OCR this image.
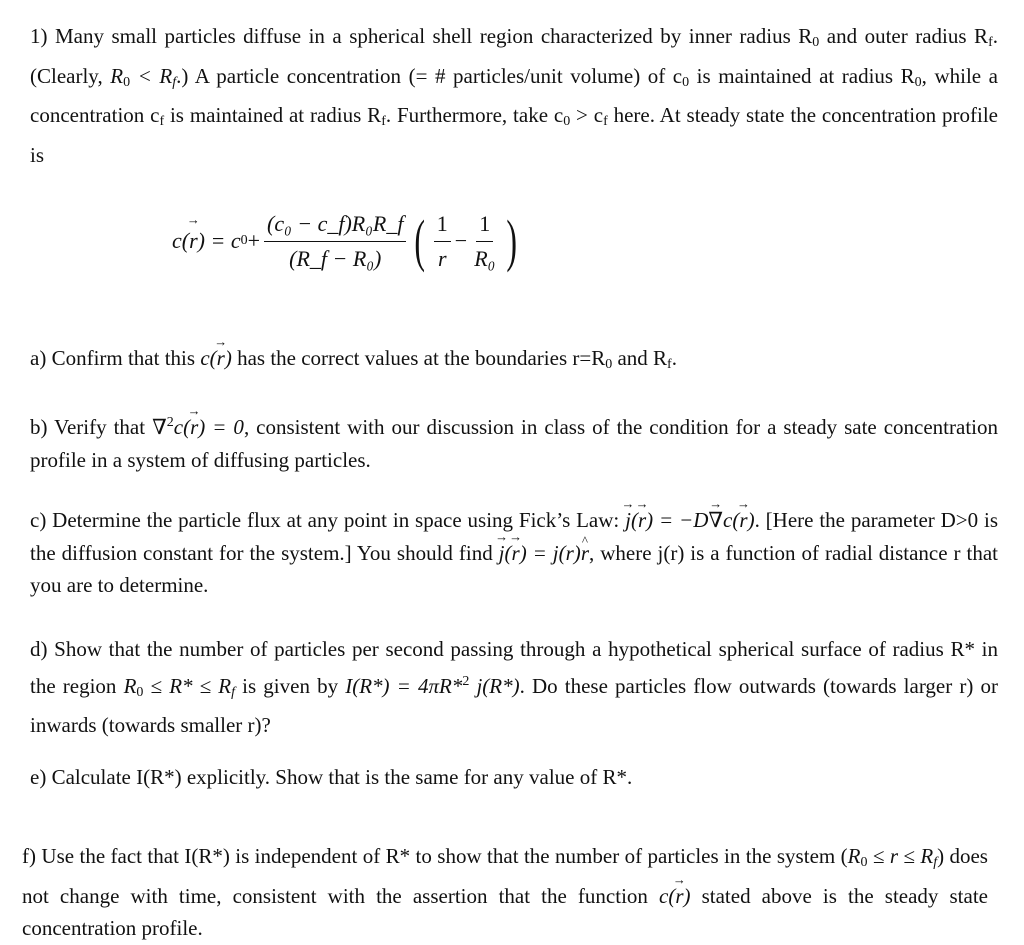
1) Many small particles diffuse in a spherical shell region characterized by inner radius $R_0$ and outer radius $R_f$. (Clearly, $R_0 < R_f$.) A particle concentration (= # particles/unit volume) of $c_0$ is maintained at radius $R_0$, while a concentration $c_f$ is maintained at radius $R_f$. Furthermore, take $c_0 > c_f$ here. At steady state the concentration profile is
c(
→ r ) = c $0 + \frac{\text{(c₀ − c\_f)R₀R\_f}}{\text{(R\_f − R₀)}}$ ( $\frac{1}{r} - \frac{1}{\text{R₀}}$ )
a) Confirm that this c(→ r) has the correct values at the boundaries $r=R_0$ and $R_f$.
b) Verify that ∇$^2$c(→ r) = 0, consistent with our discussion in class of the condition for a steady sate concentration profile in a system of diffusing particles.
c) Determine the particle flux at any point in space using Fick’s Law: → j(→ r) = −D→ ∇c(→ r). [Here the parameter D>0 is the diffusion constant for the system.] You should find → j(→ r) = j(r)^ r, where j(r) is a function of radial distance r that you are to determine.
d) Show that the number of particles per second passing through a hypothetical spherical surface of radius R* in the region $R_0 \le R* \le R_f$ is given by I(R*) = 4πR*$^2$ j(R*). Do these particles flow outwards (towards larger r) or inwards (towards smaller r)?
e) Calculate I(R*) explicitly. Show that is the same for any value of R*.
f) Use the fact that I(R*) is independent of R* to show that the number of particles in the system $(R_0 \le r \le R_f)$ does not change with time, consistent with the assertion that the function c(→ r) stated above is the steady state concentration profile.
